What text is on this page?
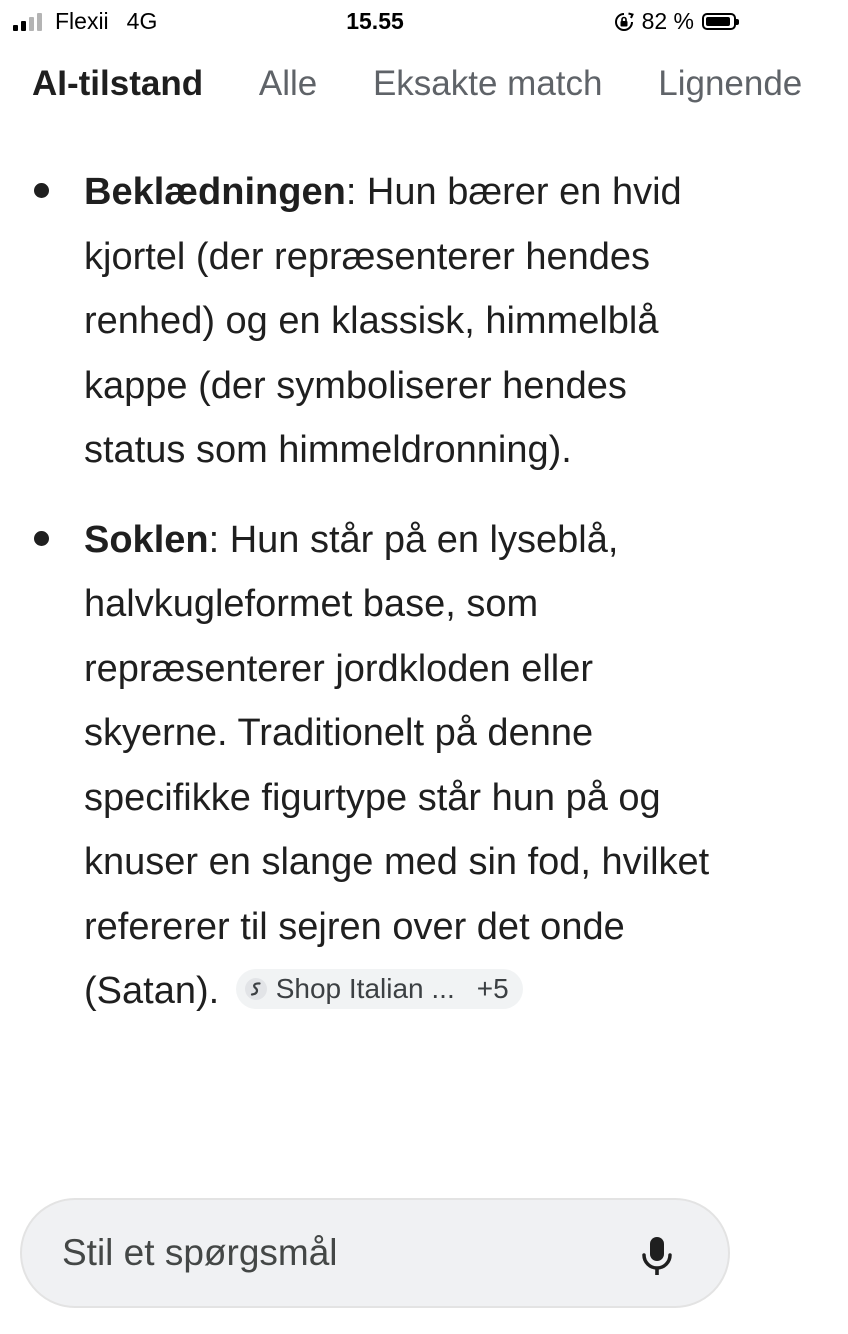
Flexii 4G	15.55	82 %
AI-tilstand Alle Eksakte match Lignende
Beklædningen: Hun bærer en hvid kjortel (der repræsenterer hendes renhed) og en klassisk, himmelblå kappe (der symboliserer hendes status som himmeldronning).
Soklen: Hun står på en lyseblå, halvkugleformet base, som repræsenterer jordkloden eller skyerne. Traditionelt på denne specifikke figurtype står hun på og knuser en slange med sin fod, hvilket refererer til sejren over det onde (Satan). Shop Italian ... +5
Stil et spørgsmål
